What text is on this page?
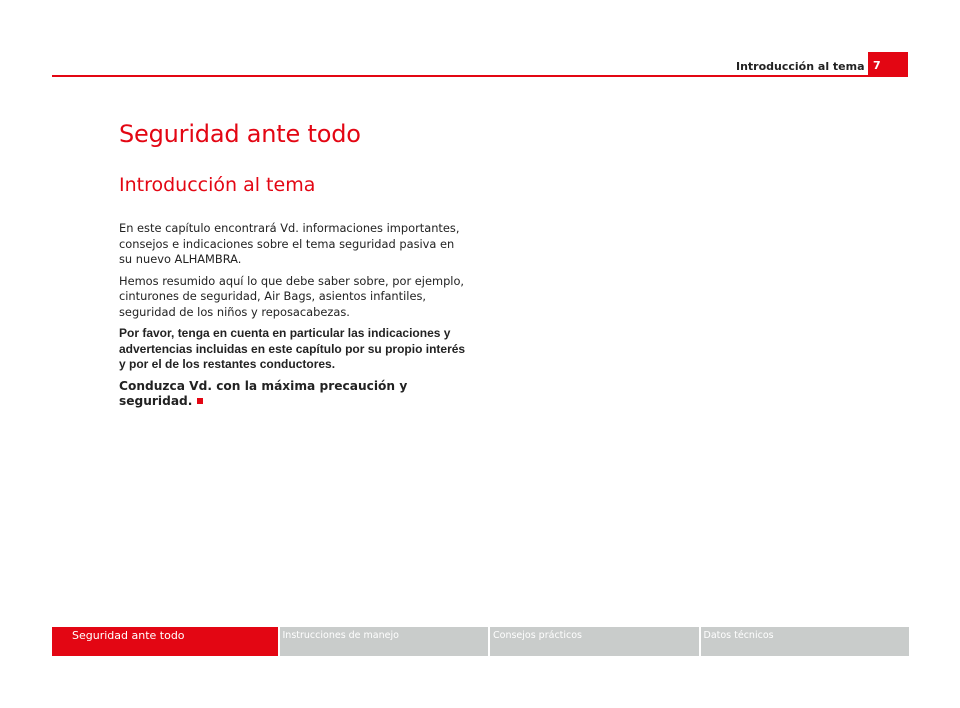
Introducción al tema 7
Seguridad ante todo
Introducción al tema

En este capítulo encontrará Vd. informaciones importantes, consejos e indicaciones sobre el tema seguridad pasiva en su nuevo ALHAMBRA.

Hemos resumido aquí lo que debe saber sobre, por ejemplo, cinturones de seguridad, Air Bags, asientos infantiles, seguridad de los niños y reposacabezas.

Por favor, tenga en cuenta en particular las indicaciones y advertencias incluidas en este capítulo por su propio interés y por el de los restantes conductores.

Conduzca Vd. con la máxima precaución y seguridad.

Seguridad ante todo	Instrucciones de manejo	Consejos prácticos	Datos técnicos
